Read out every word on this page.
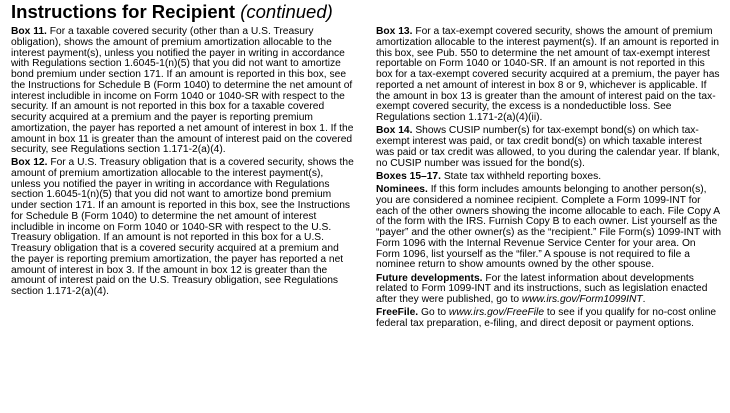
Instructions for Recipient (continued)

Box 11. For a taxable covered security (other than a U.S. Treasury obligation), shows the amount of premium amortization allocable to the interest payment(s), unless you notified the payer in writing in accordance with Regulations section 1.6045-1(n)(5) that you did not want to amortize bond premium under section 171. If an amount is reported in this box, see the Instructions for Schedule B (Form 1040) to determine the net amount of interest includible in income on Form 1040 or 1040-SR with respect to the security. If an amount is not reported in this box for a taxable covered security acquired at a premium and the payer is reporting premium amortization, the payer has reported a net amount of interest in box 1. If the amount in box 11 is greater than the amount of interest paid on the covered security, see Regulations section 1.171-2(a)(4).

Box 12. For a U.S. Treasury obligation that is a covered security, shows the amount of premium amortization allocable to the interest payment(s), unless you notified the payer in writing in accordance with Regulations section 1.6045-1(n)(5) that you did not want to amortize bond premium under section 171. If an amount is reported in this box, see the Instructions for Schedule B (Form 1040) to determine the net amount of interest includible in income on Form 1040 or 1040-SR with respect to the U.S. Treasury obligation. If an amount is not reported in this box for a U.S. Treasury obligation that is a covered security acquired at a premium and the payer is reporting premium amortization, the payer has reported a net amount of interest in box 3. If the amount in box 12 is greater than the amount of interest paid on the U.S. Treasury obligation, see Regulations section 1.171-2(a)(4).

Box 13. For a tax-exempt covered security, shows the amount of premium amortization allocable to the interest payment(s). If an amount is reported in this box, see Pub. 550 to determine the net amount of tax-exempt interest reportable on Form 1040 or 1040-SR. If an amount is not reported in this box for a tax-exempt covered security acquired at a premium, the payer has reported a net amount of interest in box 8 or 9, whichever is applicable. If the amount in box 13 is greater than the amount of interest paid on the tax-exempt covered security, the excess is a nondeductible loss. See Regulations section 1.171-2(a)(4)(ii).

Box 14. Shows CUSIP number(s) for tax-exempt bond(s) on which tax-exempt interest was paid, or tax credit bond(s) on which taxable interest was paid or tax credit was allowed, to you during the calendar year. If blank, no CUSIP number was issued for the bond(s).

Boxes 15–17. State tax withheld reporting boxes.

Nominees. If this form includes amounts belonging to another person(s), you are considered a nominee recipient. Complete a Form 1099-INT for each of the other owners showing the income allocable to each. File Copy A of the form with the IRS. Furnish Copy B to each owner. List yourself as the “payer” and the other owner(s) as the “recipient.” File Form(s) 1099-INT with Form 1096 with the Internal Revenue Service Center for your area. On Form 1096, list yourself as the “filer.” A spouse is not required to file a nominee return to show amounts owned by the other spouse.

Future developments. For the latest information about developments related to Form 1099-INT and its instructions, such as legislation enacted after they were published, go to www.irs.gov/Form1099INT.

FreeFile. Go to www.irs.gov/FreeFile to see if you qualify for no-cost online federal tax preparation, e-filing, and direct deposit or payment options.
